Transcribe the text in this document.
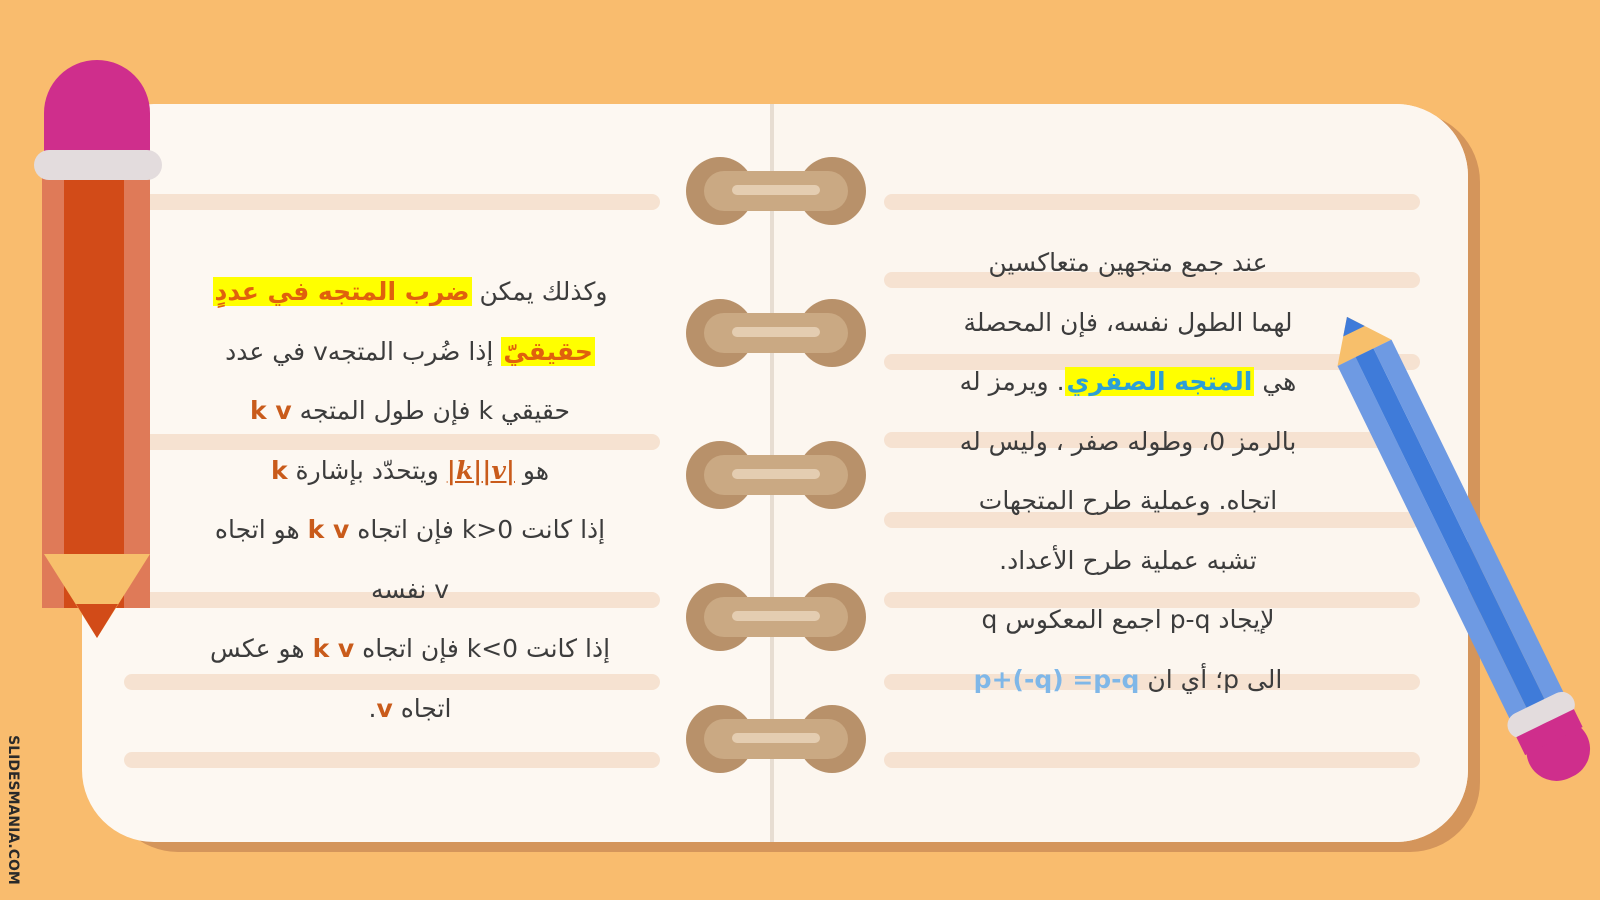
عند جمع متجهين متعاكسين
لهما الطول نفسه، فإن المحصلة
هي المتجه الصفري. ويرمز له
بالرمز 0، وطوله صفر ، وليس له
اتجاه. وعملية طرح المتجهات
تشبه عملية طرح الأعداد.
لإيجاد p-q اجمع المعكوس q
الى p؛ أي ان p+(-q) =p-q
وكذلك يمكن ضرب المتجه في عددٍ
حقيقيّ إذا ضُرب المتجهv في عدد
حقيقي k فإن طول المتجه k v
هو |k||v| ويتحدّد بإشارة k
إذا كانت k>0 فإن اتجاه k v هو اتجاه
v نفسه
إذا كانت k<0 فإن اتجاه k v هو عكس
اتجاه v.
SLIDESMANIA.COM
